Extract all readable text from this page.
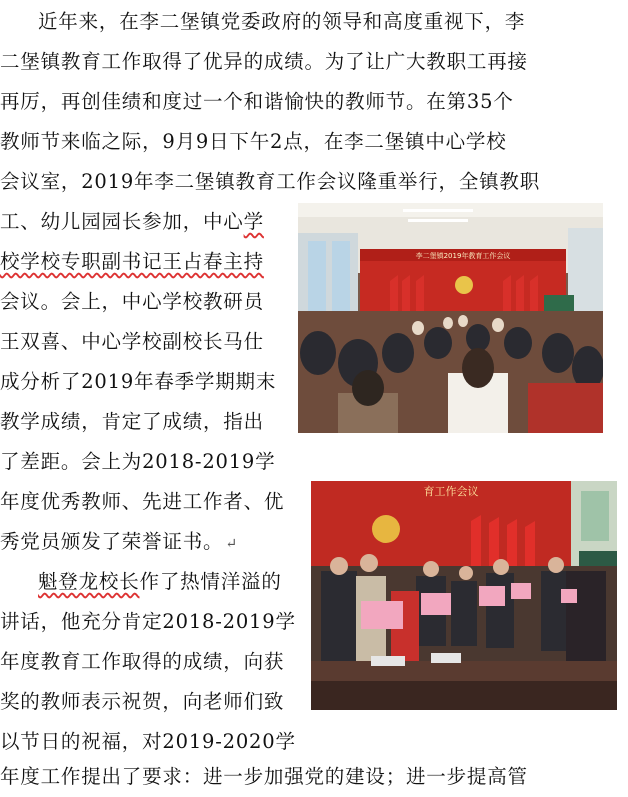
近年来，在李二堡镇党委政府的领导和高度重视下，李
二堡镇教育工作取得了优异的成绩。为了让广大教职工再接
再厉，再创佳绩和度过一个和谐愉快的教师节。在第35个
教师节来临之际，9月9日下午2点，在李二堡镇中心学校
会议室，2019年李二堡镇教育工作会议隆重举行，全镇教职
工、幼儿园园长参加，中心学
校学校专职副书记王占春主持
会议。会上，中心学校教研员
王双喜、中心学校副校长马仕
成分析了2019年春季学期期末
教学成绩，肯定了成绩，指出
了差距。会上为2018-2019学
年度优秀教师、先进工作者、优
秀党员颁发了荣誉证书。 ↵
魁登龙校长作了热情洋溢的
讲话，他充分肯定2018-2019学
年度教育工作取得的成绩，向获
奖的教师表示祝贺，向老师们致
以节日的祝福，对2019-2020学
年度工作提出了要求：进一步加强党的建设；进一步提高管
李二堡镇2019年教育工作会议
育工作会议
